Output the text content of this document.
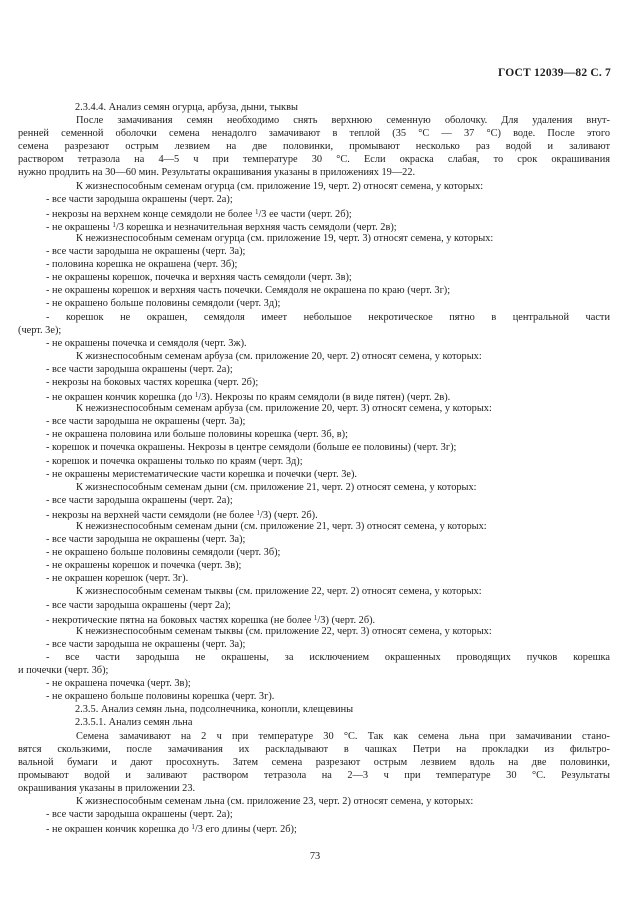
ГОСТ 12039—82 С. 7
2.3.4.4. Анализ семян огурца, арбуза, дыни, тыквы
После замачивания семян необходимо снять верхнюю семенную оболочку. Для удаления внут-
ренней семенной оболочки семена ненадолго замачивают в теплой (35 °С — 37 °С) воде. После этого
семена разрезают острым лезвием на две половинки, промывают несколько раз водой и заливают
раствором тетразола на 4—5 ч при температуре 30 °С. Если окраска слабая, то срок окрашивания
нужно продлить на 30—60 мин. Результаты окрашивания указаны в приложениях 19—22.
К жизнеспособным семенам огурца (см. приложение 19, черт. 2) относят семена, у которых:
- все части зародыша окрашены (черт. 2а);
- некрозы на верхнем конце семядоли не более $^1$/3 ее части (черт. 2б);
- не окрашены $^1$/3 корешка и незначительная верхняя часть семядоли (черт. 2в);
К нежизнеспособным семенам огурца (см. приложение 19, черт. 3) относят семена, у которых:
- все части зародыша не окрашены (черт. 3а);
- половина корешка не окрашена (черт. 3б);
- не окрашены корешок, почечка и верхняя часть семядоли (черт. 3в);
- не окрашены корешок и верхняя часть почечки. Семядоля не окрашена по краю (черт. 3г);
- не окрашено больше половины семядоли (черт. 3д);
- корешок не окрашен, семядоля имеет небольшое некротическое пятно в центральной части
(черт. 3е);
- не окрашены почечка и семядоля (черт. 3ж).
К жизнеспособным семенам арбуза (см. приложение 20, черт. 2) относят семена, у которых:
- все части зародыша окрашены (черт. 2а);
- некрозы на боковых частях корешка (черт. 2б);
- не окрашен кончик корешка (до $^1$/3). Некрозы по краям семядоли (в виде пятен) (черт. 2в).
К нежизнеспособным семенам арбуза (см. приложение 20, черт. 3) относят семена, у которых:
- все части зародыша не окрашены (черт. 3а);
- не окрашена половина или больше половины корешка (черт. 3б, в);
- корешок и почечка окрашены. Некрозы в центре семядоли (больше ее половины) (черт. 3г);
- корешок и почечка окрашены только по краям (черт. 3д);
- не окрашены меристематические части корешка и почечки (черт. 3е).
К жизнеспособным семенам дыни (см. приложение 21, черт. 2) относят семена, у которых:
- все части зародыша окрашены (черт. 2а);
- некрозы на верхней части семядоли (не более $^1$/3) (черт. 2б).
К нежизнеспособным семенам дыни (см. приложение 21, черт. 3) относят семена, у которых:
- все части зародыша не окрашены (черт. 3а);
- не окрашено больше половины семядоли (черт. 3б);
- не окрашены корешок и почечка (черт. 3в);
- не окрашен корешок (черт. 3г).
К жизнеспособным семенам тыквы (см. приложение 22, черт. 2) относят семена, у которых:
- все части зародыша окрашены (черт 2а);
- некротические пятна на боковых частях корешка (не более $^1$/3) (черт. 2б).
К нежизнеспособным семенам тыквы (см. приложение 22, черт. 3) относят семена, у которых:
- все части зародыша не окрашены (черт. 3а);
- все части зародыша не окрашены, за исключением окрашенных проводящих пучков корешка
и почечки (черт. 3б);
- не окрашена почечка (черт. 3в);
- не окрашено больше половины корешка (черт. 3г).
2.3.5. Анализ семян льна, подсолнечника, конопли, клещевины
2.3.5.1. Анализ семян льна
Семена замачивают на 2 ч при температуре 30 °С. Так как семена льна при замачивании стано-
вятся скользкими, после замачивания их раскладывают в чашках Петри на прокладки из фильтро-
вальной бумаги и дают просохнуть. Затем семена разрезают острым лезвием вдоль на две половинки,
промывают водой и заливают раствором тетразола на 2—3 ч при температуре 30 °С. Результаты
окрашивания указаны в приложении 23.
К жизнеспособным семенам льна (см. приложение 23, черт. 2) относят семена, у которых:
- все части зародыша окрашены (черт. 2а);
- не окрашен кончик корешка до $^1$/3 его длины (черт. 2б);
73
